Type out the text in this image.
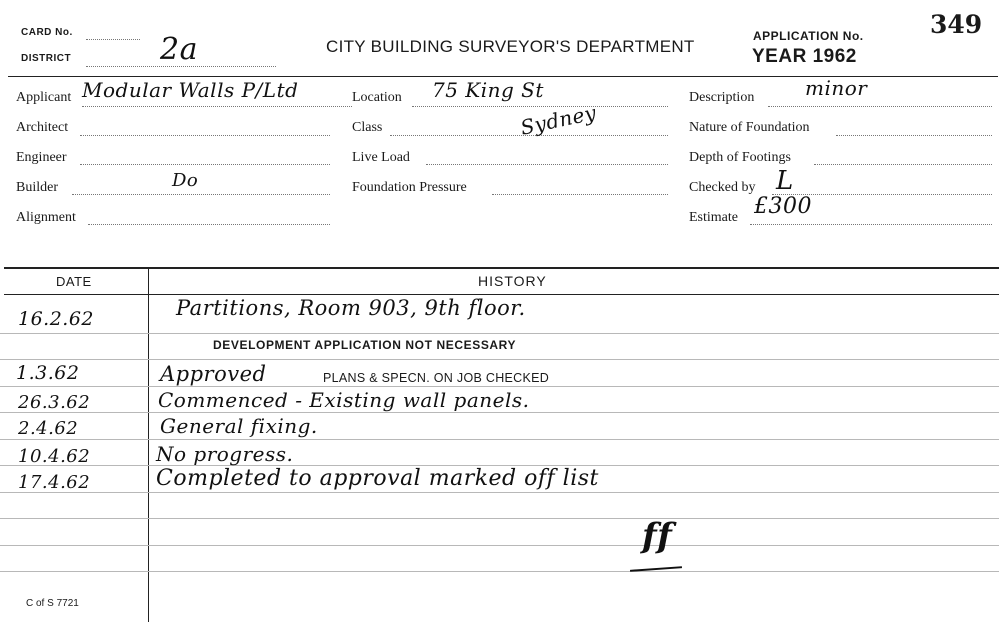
CARD No.
DISTRICT	2a	CITY BUILDING SURVEYOR'S DEPARTMENT
APPLICATION No.
YEAR 1962
349
Applicant Modular Walls P/Ltd
Architect
Engineer
Builder	Do
Alignment
Location 75 King St
Class	Sydney
Live Load
Foundation Pressure
Description	minor
Nature of Foundation
Depth of Footings
Checked by L
Estimate £300
DATE	HISTORY
16.2.62	Partitions, Room 903, 9th floor.
DEVELOPMENT APPLICATION NOT NECESSARY
1.3.62	Approved	PLANS & SPECN. ON JOB CHECKED
26.3.62	Commenced - Existing wall panels.
2.4.62	General fixing.
10.4.62	No progress.
17.4.62	Completed to approval marked off list
ff
C of S 7721
